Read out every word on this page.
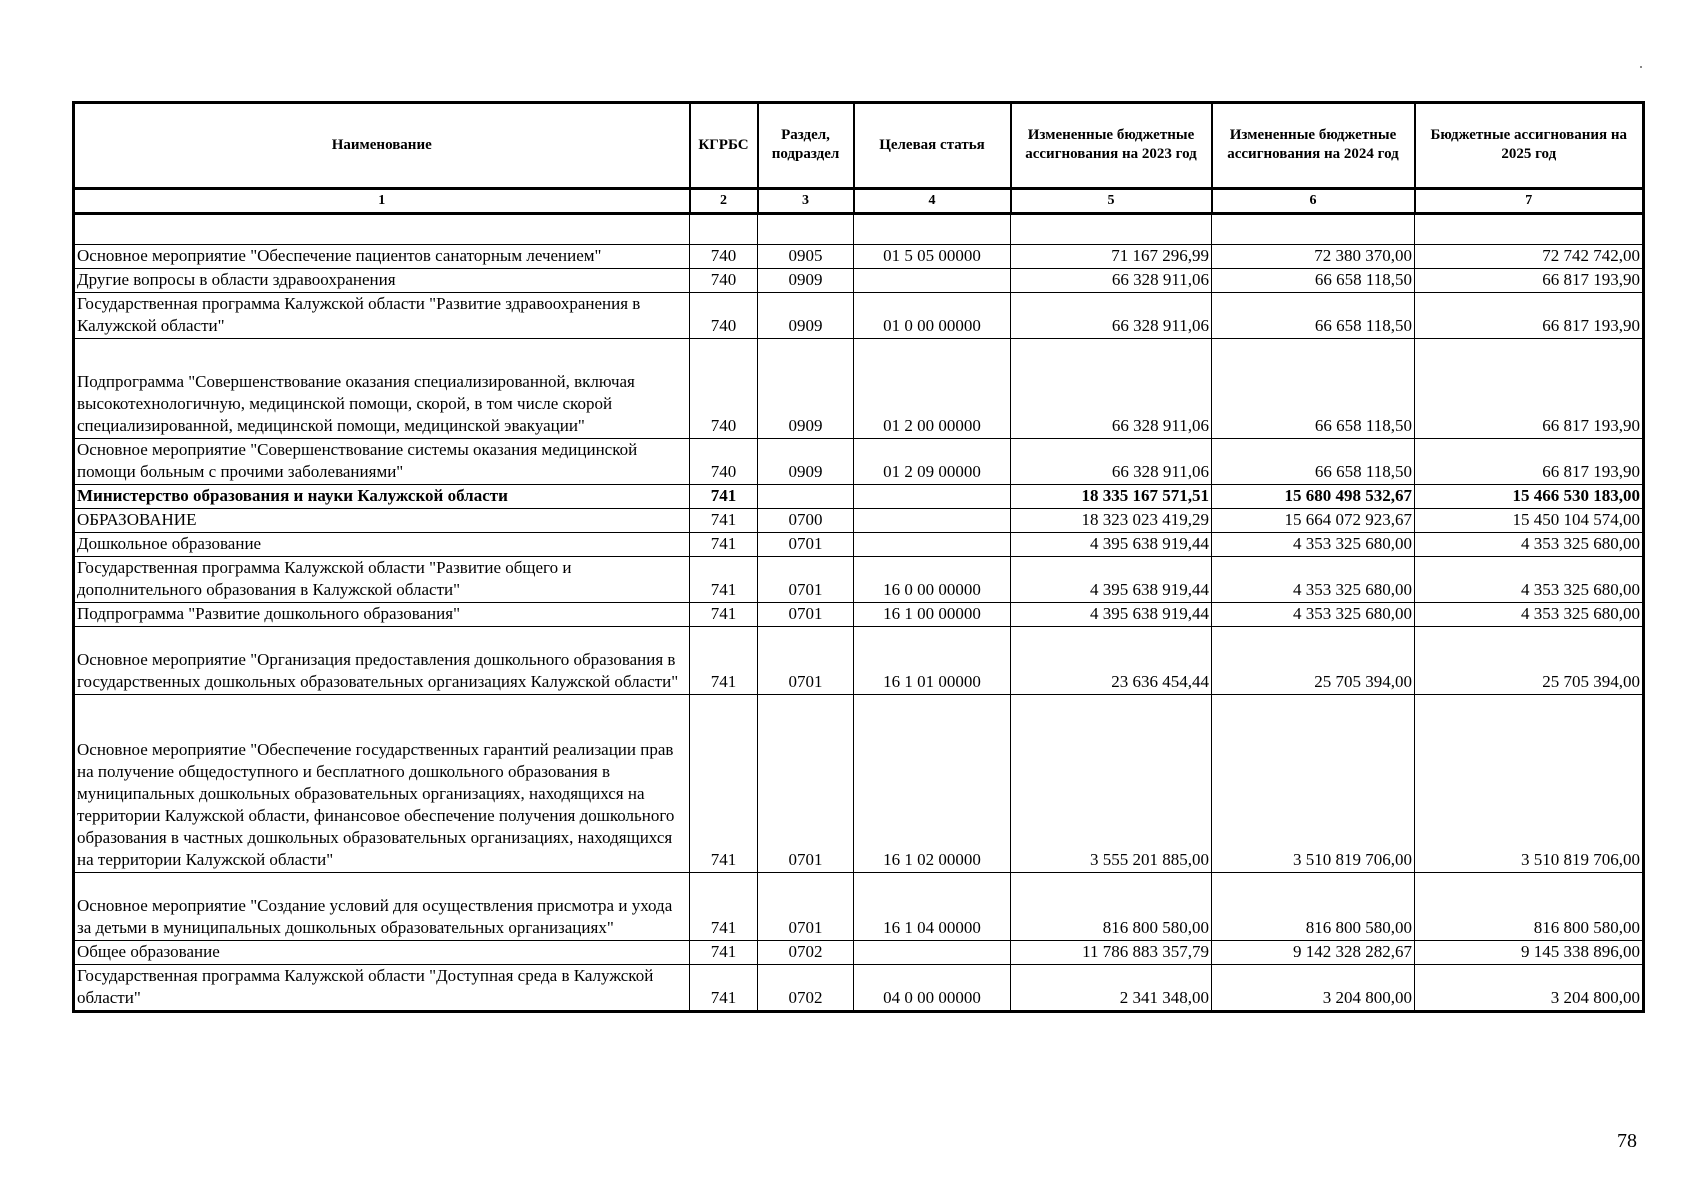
Наименование	КГРБС	Раздел, подраздел	Целевая статья	Измененные бюджетные ассигнования на 2023 год	Измененные бюджетные ассигнования на 2024 год	Бюджетные ассигнования на 2025 год
1	2	3	4	5	6	7

Основное мероприятие "Обеспечение пациентов санаторным лечением"	740	0905	01 5 05 00000	71 167 296,99	72 380 370,00	72 742 742,00
Другие вопросы в области здравоохранения	740	0909		66 328 911,06	66 658 118,50	66 817 193,90
Государственная программа Калужской области "Развитие здравоохранения в Калужской области"	740	0909	01 0 00 00000	66 328 911,06	66 658 118,50	66 817 193,90
Подпрограмма "Совершенствование оказания специализированной, включая высокотехнологичную, медицинской помощи, скорой, в том числе скорой специализированной, медицинской помощи, медицинской эвакуации"	740	0909	01 2 00 00000	66 328 911,06	66 658 118,50	66 817 193,90
Основное мероприятие "Совершенствование системы оказания медицинской помощи больным с прочими заболеваниями"	740	0909	01 2 09 00000	66 328 911,06	66 658 118,50	66 817 193,90
Министерство образования и науки Калужской области	741			18 335 167 571,51	15 680 498 532,67	15 466 530 183,00
ОБРАЗОВАНИЕ	741	0700		18 323 023 419,29	15 664 072 923,67	15 450 104 574,00
Дошкольное образование	741	0701		4 395 638 919,44	4 353 325 680,00	4 353 325 680,00
Государственная программа Калужской области "Развитие общего и дополнительного образования в Калужской области"	741	0701	16 0 00 00000	4 395 638 919,44	4 353 325 680,00	4 353 325 680,00
Подпрограмма "Развитие дошкольного образования"	741	0701	16 1 00 00000	4 395 638 919,44	4 353 325 680,00	4 353 325 680,00
Основное мероприятие "Организация предоставления дошкольного образования в государственных дошкольных образовательных организациях Калужской области"	741	0701	16 1 01 00000	23 636 454,44	25 705 394,00	25 705 394,00
Основное мероприятие "Обеспечение государственных гарантий реализации прав на получение общедоступного и бесплатного дошкольного образования в муниципальных дошкольных образовательных организациях, находящихся на территории Калужской области, финансовое обеспечение получения дошкольного образования в частных дошкольных образовательных организациях, находящихся на территории Калужской области"	741	0701	16 1 02 00000	3 555 201 885,00	3 510 819 706,00	3 510 819 706,00
Основное мероприятие "Создание условий для осуществления присмотра и ухода за детьми в муниципальных дошкольных образовательных организациях"	741	0701	16 1 04 00000	816 800 580,00	816 800 580,00	816 800 580,00
Общее образование	741	0702		11 786 883 357,79	9 142 328 282,67	9 145 338 896,00
Государственная программа Калужской области "Доступная среда в Калужской области"	741	0702	04 0 00 00000	2 341 348,00	3 204 800,00	3 204 800,00
78
